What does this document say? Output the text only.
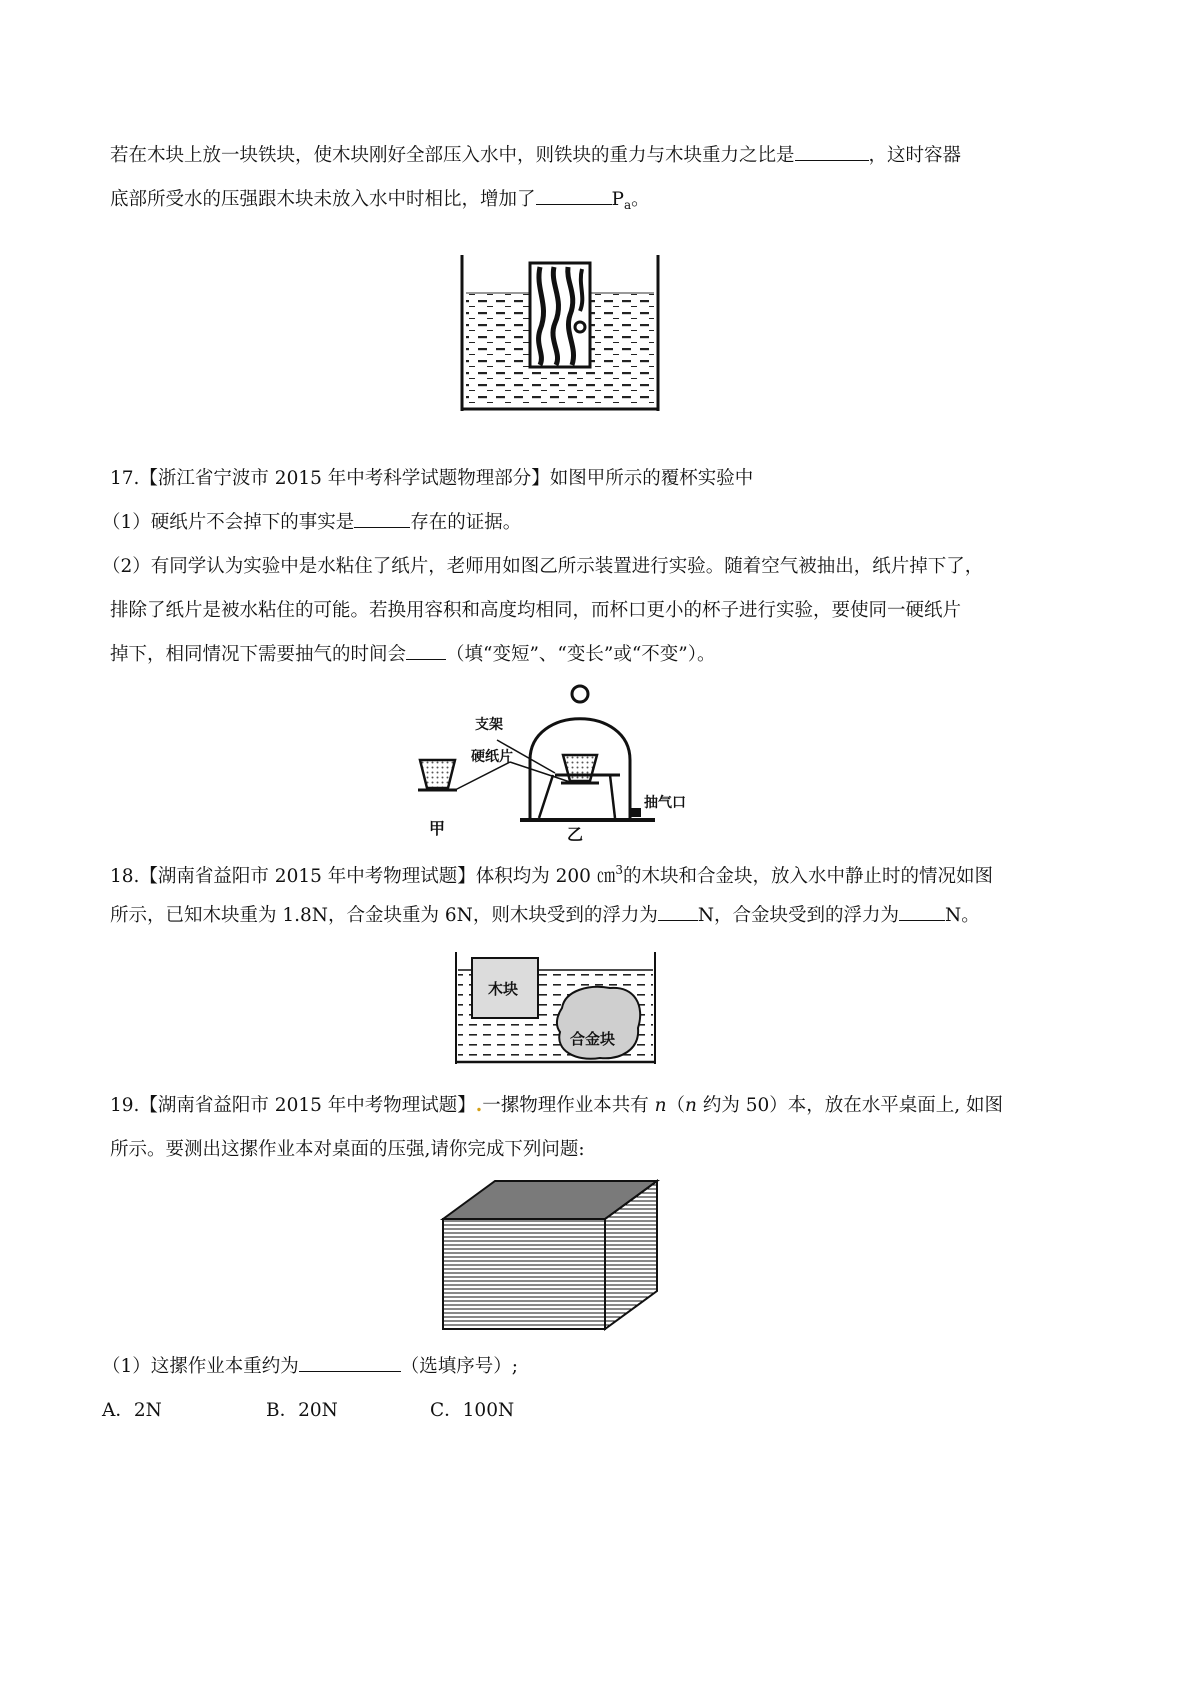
若在木块上放一块铁块，使木块刚好全部压入水中，则铁块的重力与木块重力之比是	，这时容器
底部所受水的压强跟木块未放入水中时相比，增加了	$P_a$。
17.【浙江省宁波市 2015 年中考科学试题物理部分】如图甲所示的覆杯实验中
（1）硬纸片不会掉下的事实是	存在的证据。
（2）有同学认为实验中是水粘住了纸片，老师用如图乙所示装置进行实验。随着空气被抽出，纸片掉下了，
排除了纸片是被水粘住的可能。若换用容积和高度均相同，而杯口更小的杯子进行实验，要使同一硬纸片
掉下，相同情况下需要抽气的时间会 （填“变短”、“变长”或“不变”）。
支架
硬纸片
抽气口
甲	乙
18.【湖南省益阳市 2015 年中考物理试题】体积均为 200 ㎝$^3$的木块和合金块，放入水中静止时的情况如图
所示，已知木块重为 1.8N，合金块重为 6N，则木块受到的浮力为 N，合金块受到的浮力为 N。
木块
合金块
19.【湖南省益阳市 2015 年中考物理试题】.一摞物理作业本共有 n（n 约为 50）本，放在水平桌面上, 如图
所示。要测出这摞作业本对桌面的压强,请你完成下列问题:
（1）这摞作业本重约为	（选填序号）;
A．2N	B．20N	C．100N
